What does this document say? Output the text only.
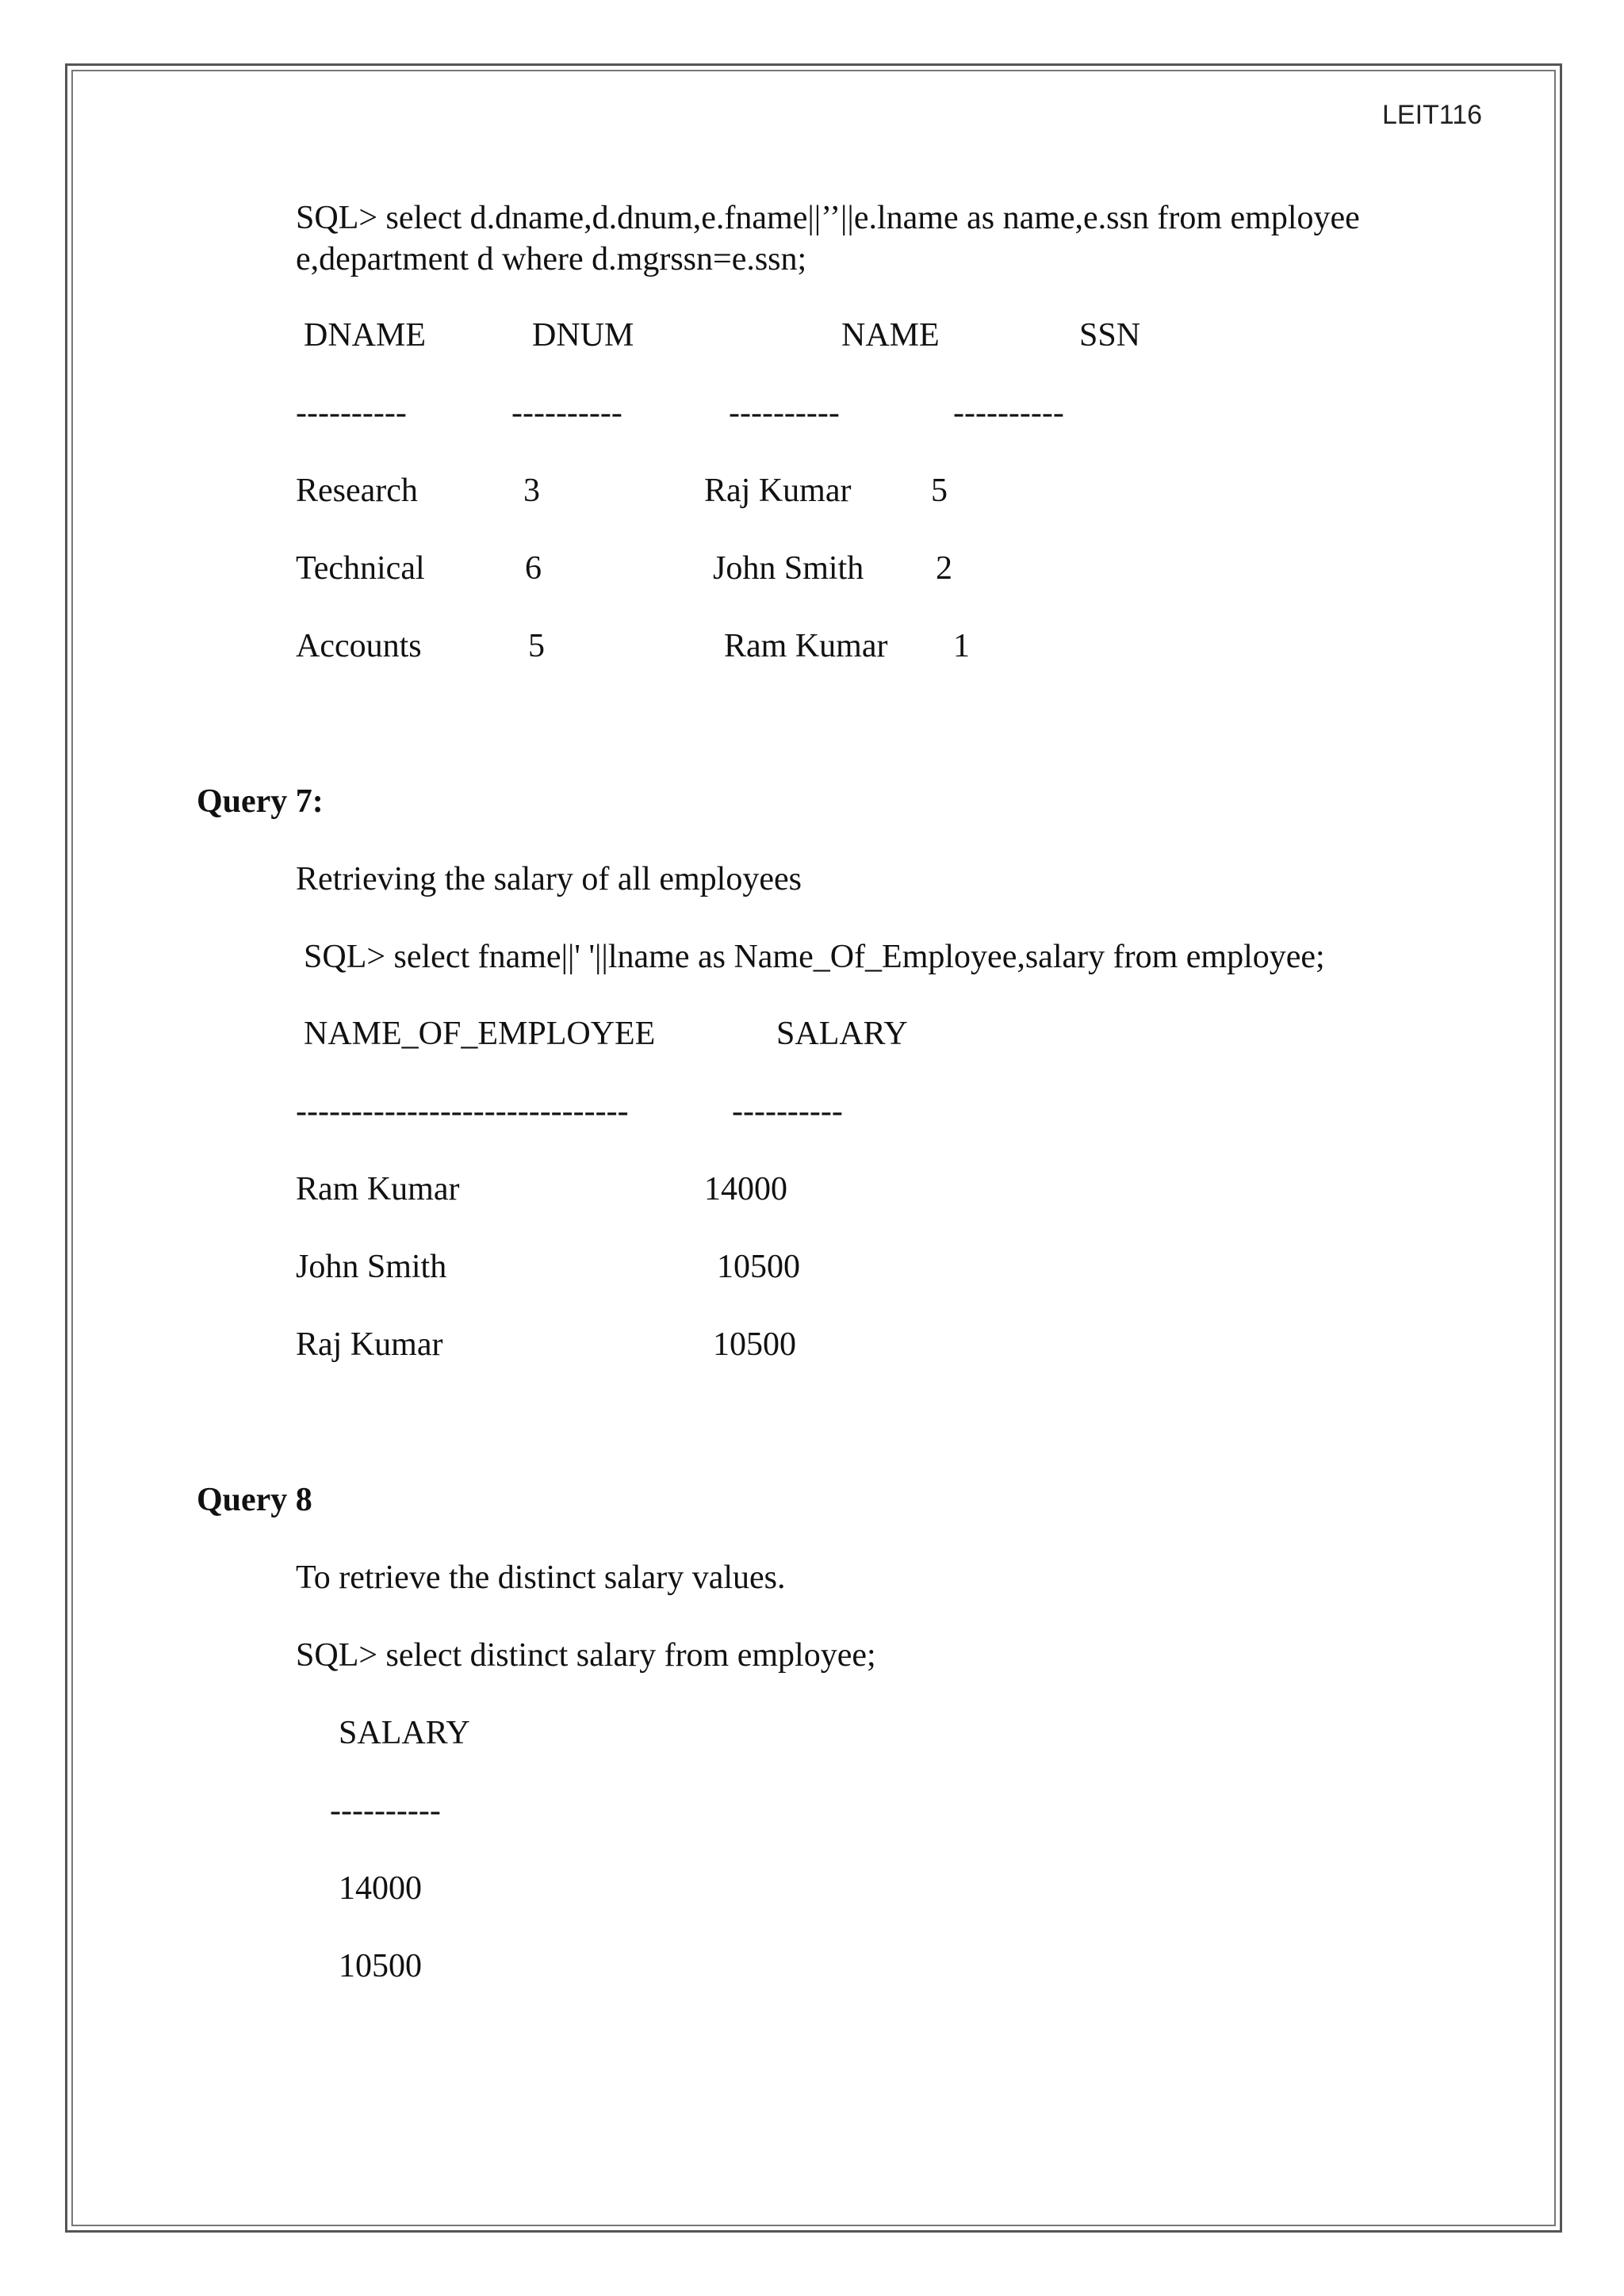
LEIT116
SQL> select d.dname,d.dnum,e.fname||’’||e.lname as name,e.ssn from employee
e,department d where d.mgrssn=e.ssn;
DNAME	DNUM	NAME	SSN
----------	----------	----------	----------
Research	3	Raj Kumar 5
Technical	6	John Smith 2
Accounts	5	Ram Kumar 1
Query 7:
Retrieving the salary of all employees
SQL> select fname||' '||lname as Name_Of_Employee,salary from employee;
NAME_OF_EMPLOYEE	SALARY
------------------------------	----------
Ram Kumar	14000
John Smith	10500
Raj Kumar	10500
Query 8
To retrieve the distinct salary values.
SQL> select distinct salary from employee;
SALARY
----------
14000
10500
